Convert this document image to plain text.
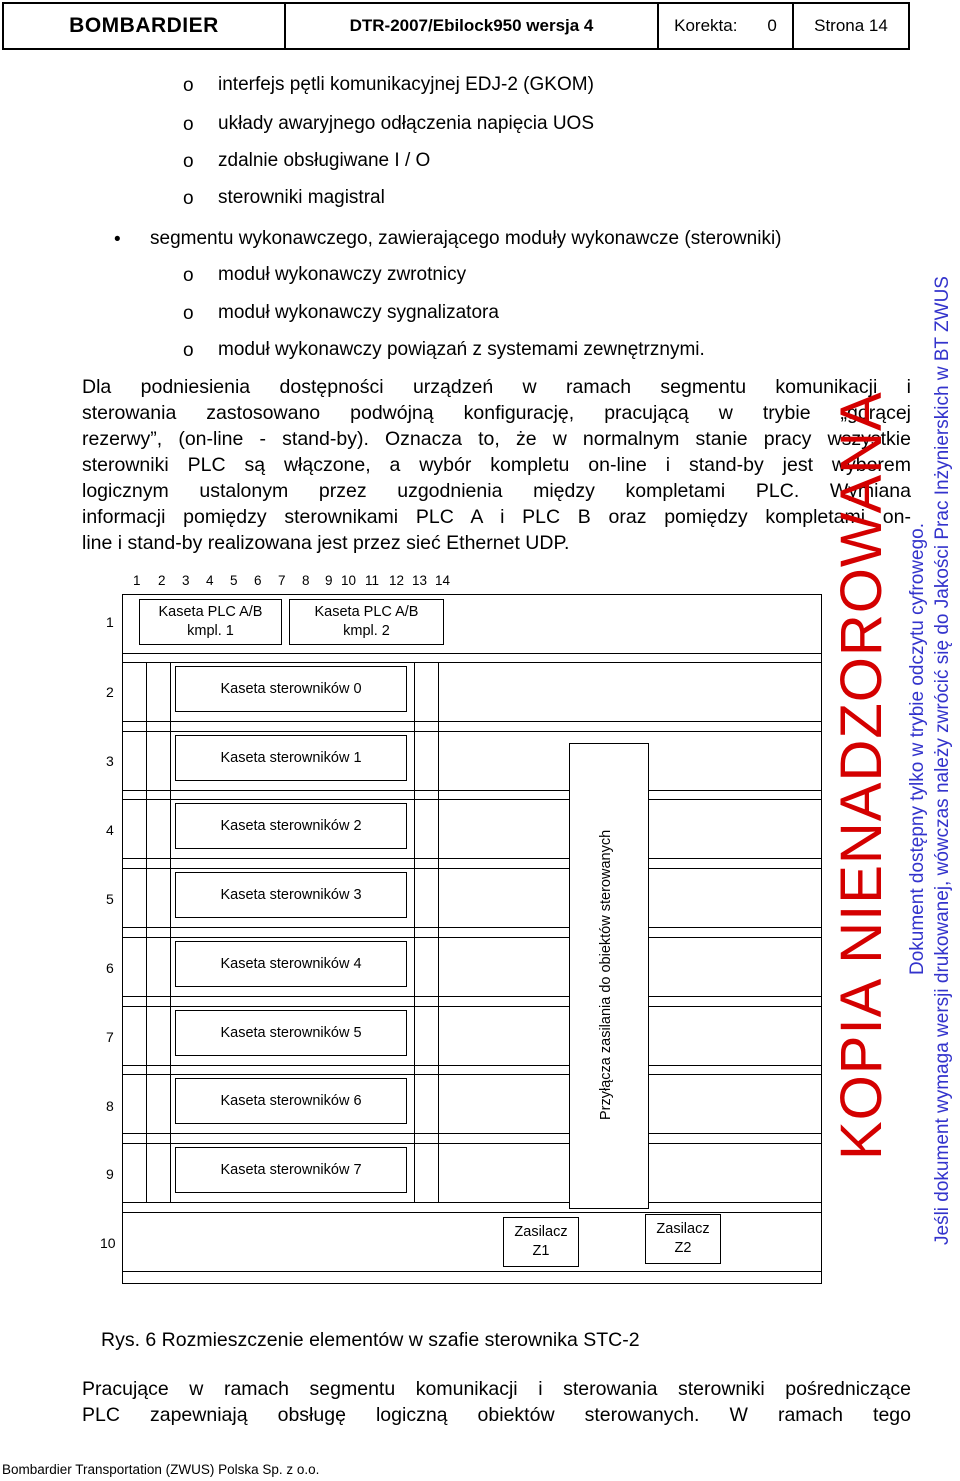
BOMBARDIER	DTR-2007/Ebilock950 wersja 4	Korekta: 0	Strona 14
o interfejs pętli komunikacyjnej EDJ-2 (GKOM)
o układy awaryjnego odłączenia napięcia UOS
o zdalnie obsługiwane I / O
o sterowniki magistral
• segmentu wykonawczego, zawierającego moduły wykonawcze (sterowniki)
o moduł wykonawczy zwrotnicy
o moduł wykonawczy sygnalizatora
o moduł wykonawczy powiązań z systemami zewnętrznymi.
Dla podniesienia dostępności urządzeń w ramach segmentu komunikacji i
sterowania zastosowano podwójną konfigurację, pracującą w trybie „gorącej
rezerwy”, (on-line - stand-by). Oznacza to, że w normalnym stanie pracy wszystkie
sterowniki PLC są włączone, a wybór kompletu on-line i stand-by jest wyborem
logicznym ustalonym przez uzgodnienia między kompletami PLC. Wymiana
informacji pomiędzy sterownikami PLC A i PLC B oraz pomiędzy kompletami on-
line i stand-by realizowana jest przez sieć Ethernet UDP.
1 2 3 4 5 6 7 8 9 10 11 12 13 14
1
2
3
4
5
6
7
8
9
10
Kaseta PLC A/B
kmpl. 1
Kaseta PLC A/B
kmpl. 2
Kaseta sterowników 0
Kaseta sterowników 1
Kaseta sterowników 2
Kaseta sterowników 3
Kaseta sterowników 4
Kaseta sterowników 5
Kaseta sterowników 6
Kaseta sterowników 7
Zasilacz
Z1
Zasilacz
Z2
Przyłącza zasilania do obiektów sterowanych
Rys. 6 Rozmieszczenie elementów w szafie sterownika STC-2
Pracujące w ramach segmentu komunikacji i sterowania sterowniki pośredniczące
PLC zapewniają obsługę logiczną obiektów sterowanych. W ramach tego
KOPIA NIENADZOROWANA Dokument dostępny tylko w trybie odczytu cyfrowego. Jeśli dokument wymaga wersji drukowanej, wówczas należy zwrócić się do Jakości Prac Inżynierskich w BT ZWUS
Bombardier Transportation (ZWUS) Polska Sp. z o.o.
